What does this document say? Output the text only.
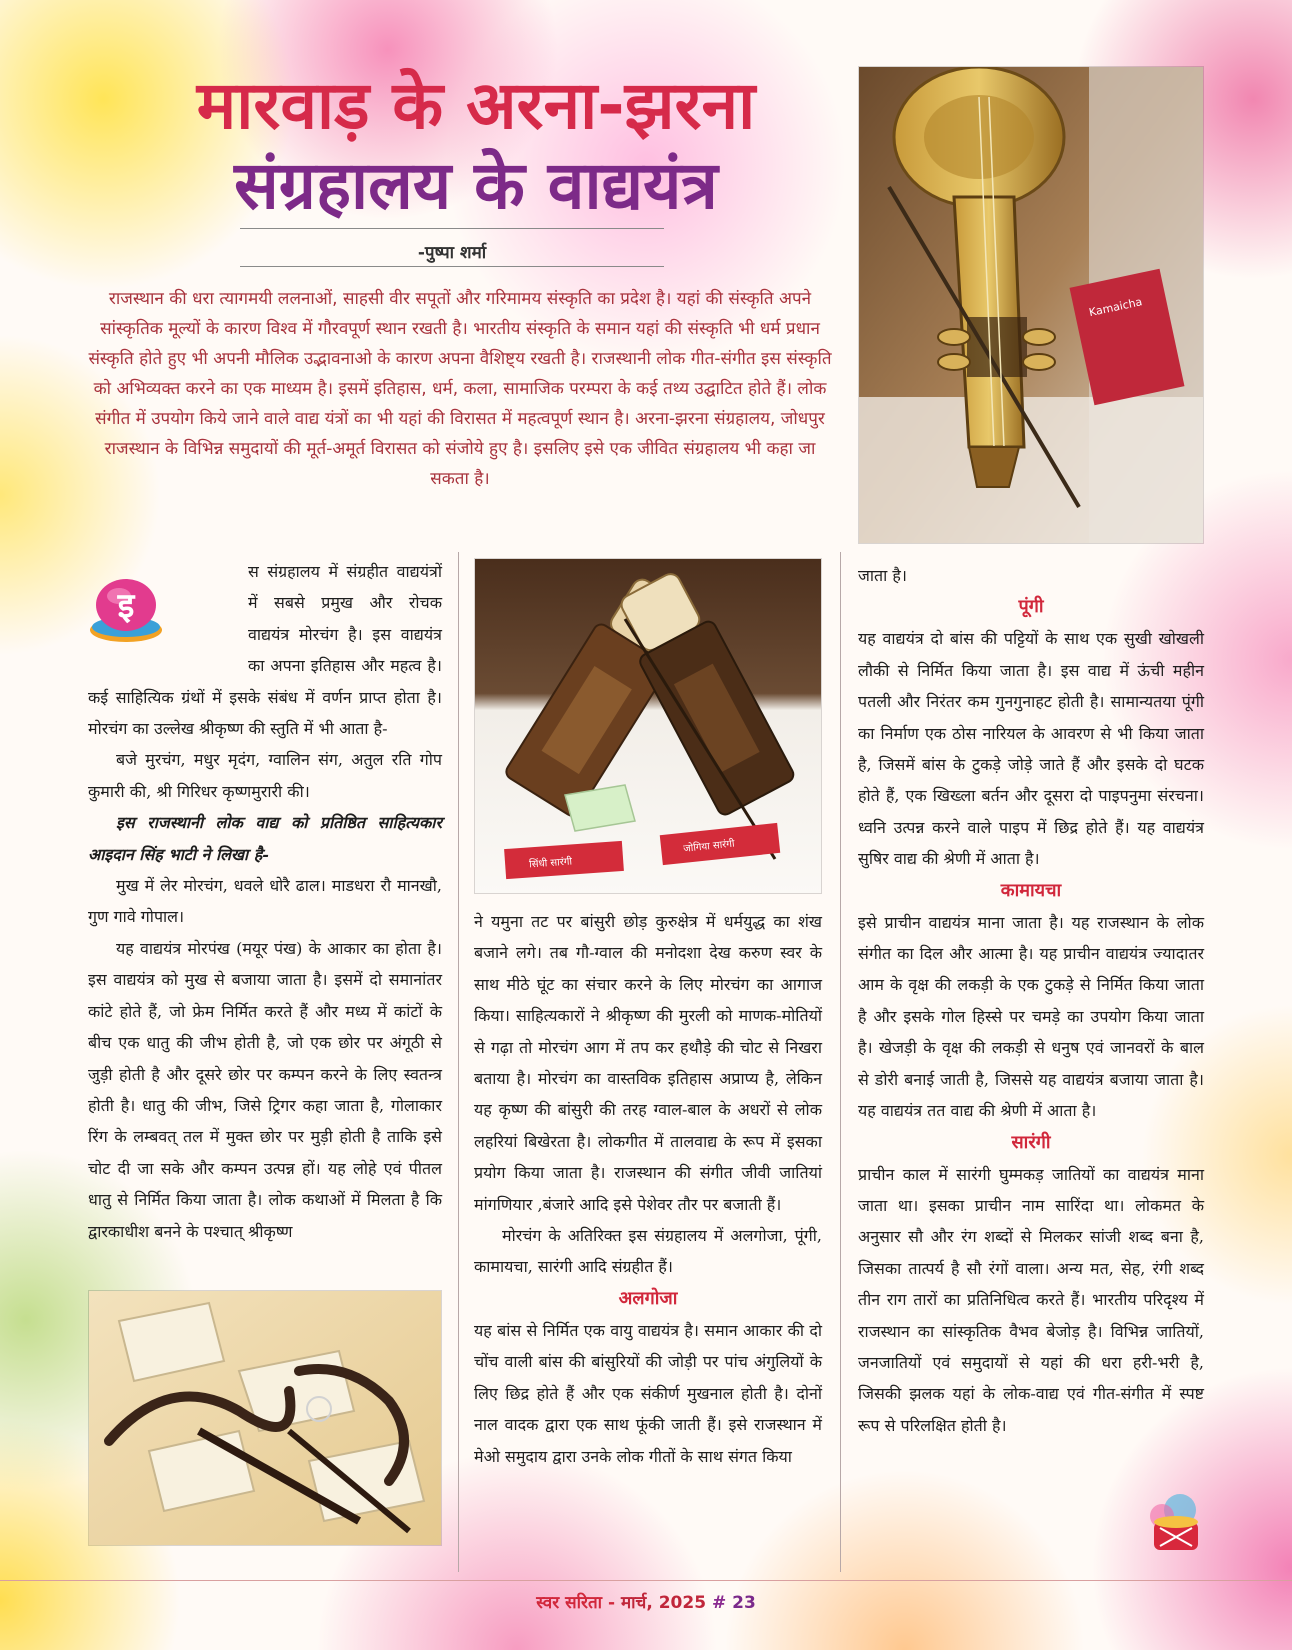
मारवाड़ के अरना-झरना
संग्रहालय के वाद्ययंत्र
-पुष्पा शर्मा
राजस्थान की धरा त्यागमयी ललनाओं, साहसी वीर सपूतों और गरिमामय संस्कृति का प्रदेश है। यहां की संस्कृति अपने सांस्कृतिक मूल्यों के कारण विश्व में गौरवपूर्ण स्थान रखती है। भारतीय संस्कृति के समान यहां की संस्कृति भी धर्म प्रधान संस्कृति होते हुए भी अपनी मौलिक उद्भावनाओ के कारण अपना वैशिष्ट्य रखती है। राजस्थानी लोक गीत-संगीत इस संस्कृति को अभिव्यक्त करने का एक माध्यम है। इसमें इतिहास, धर्म, कला, सामाजिक परम्परा के कई तथ्य उद्घाटित होते हैं। लोक संगीत में उपयोग किये जाने वाले वाद्य यंत्रों का भी यहां की विरासत में महत्वपूर्ण स्थान है। अरना-झरना संग्रहालय, जोधपुर राजस्थान के विभिन्न समुदायों की मूर्त-अमूर्त विरासत को संजोये हुए है। इसलिए इसे एक जीवित संग्रहालय भी कहा जा सकता है।
Kamaicha

स संग्रहालय में संग्रहीत वाद्ययंत्रों में सबसे प्रमुख और रोचक वाद्ययंत्र मोरचंग है। इस वाद्ययंत्र का अपना इतिहास और महत्व है। कई साहित्यिक ग्रंथों में इसके संबंध में वर्णन प्राप्त होता है। मोरचंग का उल्लेख श्रीकृष्ण की स्तुति में भी आता है-

बजे मुरचंग, मधुर मृदंग, ग्वालिन संग, अतुल रति गोप कुमारी की, श्री गिरिधर कृष्णमुरारी की।

इस राजस्थानी लोक वाद्य को प्रतिष्ठित साहित्यकार आइदान सिंह भाटी ने लिखा है-

मुख में लेर मोरचंग, धवले धोरै ढाल। माडधरा रौ मानखौ, गुण गावे गोपाल।

यह वाद्ययंत्र मोरपंख (मयूर पंख) के आकार का होता है। इस वाद्ययंत्र को मुख से बजाया जाता है। इसमें दो समानांतर कांटे होते हैं, जो फ्रेम निर्मित करते हैं और मध्य में कांटों के बीच एक धातु की जीभ होती है, जो एक छोर पर अंगूठी से जुड़ी होती है और दूसरे छोर पर कम्पन करने के लिए स्वतन्त्र होती है। धातु की जीभ, जिसे ट्रिगर कहा जाता है, गोलाकार रिंग के लम्बवत् तल में मुक्त छोर पर मुड़ी होती है ताकि इसे चोट दी जा सके और कम्पन उत्पन्न हों। यह लोहे एवं पीतल धातु से निर्मित किया जाता है। लोक कथाओं में मिलता है कि द्वारकाधीश बनने के पश्चात् श्रीकृष्ण

इ
सिंधी सारंगी
जोगिया सारंगी

ने यमुना तट पर बांसुरी छोड़ कुरुक्षेत्र में धर्मयुद्ध का शंख बजाने लगे। तब गौ-ग्वाल की मनोदशा देख करुण स्वर के साथ मीठे घूंट का संचार करने के लिए मोरचंग का आगाज किया। साहित्यकारों ने श्रीकृष्ण की मुरली को माणक-मोतियों से गढ़ा तो मोरचंग आग में तप कर हथौड़े की चोट से निखरा बताया है। मोरचंग का वास्तविक इतिहास अप्राप्य है, लेकिन यह कृष्ण की बांसुरी की तरह ग्वाल-बाल के अधरों से लोक लहरियां बिखेरता है। लोकगीत में तालवाद्य के रूप में इसका प्रयोग किया जाता है। राजस्थान की संगीत जीवी जातियां मांगणियार ,बंजारे आदि इसे पेशेवर तौर पर बजाती हैं।

मोरचंग के अतिरिक्त इस संग्रहालय में अलगोजा, पूंगी, कामायचा, सारंगी आदि संग्रहीत हैं।

अलगोजा

यह बांस से निर्मित एक वायु वाद्ययंत्र है। समान आकार की दो चोंच वाली बांस की बांसुरियों की जोड़ी पर पांच अंगुलियों के लिए छिद्र होते हैं और एक संकीर्ण मुखनाल होती है। दोनों नाल वादक द्वारा एक साथ फूंकी जाती हैं। इसे राजस्थान में मेओ समुदाय द्वारा उनके लोक गीतों के साथ संगत किया

जाता है।

पूंगी

यह वाद्ययंत्र दो बांस की पट्टियों के साथ एक सुखी खोखली लौकी से निर्मित किया जाता है। इस वाद्य में ऊंची महीन पतली और निरंतर कम गुनगुनाहट होती है। सामान्यतया पूंगी का निर्माण एक ठोस नारियल के आवरण से भी किया जाता है, जिसमें बांस के टुकड़े जोड़े जाते हैं और इसके दो घटक होते हैं, एक खिख्ला बर्तन और दूसरा दो पाइपनुमा संरचना। ध्वनि उत्पन्न करने वाले पाइप में छिद्र होते हैं। यह वाद्ययंत्र सुषिर वाद्य की श्रेणी में आता है।

कामायचा

इसे प्राचीन वाद्ययंत्र माना जाता है। यह राजस्थान के लोक संगीत का दिल और आत्मा है। यह प्राचीन वाद्ययंत्र ज्यादातर आम के वृक्ष की लकड़ी के एक टुकड़े से निर्मित किया जाता है और इसके गोल हिस्से पर चमड़े का उपयोग किया जाता है। खेजड़ी के वृक्ष की लकड़ी से धनुष एवं जानवरों के बाल से डोरी बनाई जाती है, जिससे यह वाद्ययंत्र बजाया जाता है। यह वाद्ययंत्र तत वाद्य की श्रेणी में आता है।

सारंगी

प्राचीन काल में सारंगी घुम्मकड़ जातियों का वाद्ययंत्र माना जाता था। इसका प्राचीन नाम सारिंदा था। लोकमत के अनुसार सौ और रंग शब्दों से मिलकर सांजी शब्द बना है, जिसका तात्पर्य है सौ रंगों वाला। अन्य मत, सेह, रंगी शब्द तीन राग तारों का प्रतिनिधित्व करते हैं। भारतीय परिदृश्य में राजस्थान का सांस्कृतिक वैभव बेजोड़ है। विभिन्न जातियों, जनजातियों एवं समुदायों से यहां की धरा हरी-भरी है, जिसकी झलक यहां के लोक-वाद्य एवं गीत-संगीत में स्पष्ट रूप से परिलक्षित होती है।

स्वर सरिता - मार्च, 2025 # 23
